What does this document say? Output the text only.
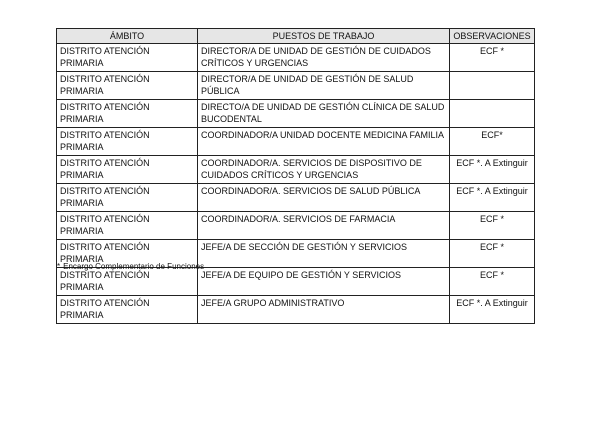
ÁMBITO	PUESTOS DE TRABAJO	OBSERVACIONES
DISTRITO ATENCIÓN PRIMARIA	DIRECTOR/A DE UNIDAD DE GESTIÓN DE CUIDADOS CRÍTICOS Y URGENCIAS	ECF *
DISTRITO ATENCIÓN PRIMARIA	DIRECTOR/A DE UNIDAD DE GESTIÓN DE SALUD PÚBLICA	
DISTRITO ATENCIÓN PRIMARIA	DIRECTO/A DE UNIDAD DE GESTIÓN CLÍNICA DE SALUD BUCODENTAL	
DISTRITO ATENCIÓN PRIMARIA	COORDINADOR/A UNIDAD DOCENTE MEDICINA FAMILIA	ECF*
DISTRITO ATENCIÓN PRIMARIA	COORDINADOR/A. SERVICIOS DE DISPOSITIVO DE CUIDADOS CRÍTICOS Y URGENCIAS	ECF *. A Extinguir
DISTRITO ATENCIÓN PRIMARIA	COORDINADOR/A. SERVICIOS DE SALUD PÚBLICA	ECF *. A Extinguir
DISTRITO ATENCIÓN PRIMARIA	COORDINADOR/A. SERVICIOS DE FARMACIA	ECF *
DISTRITO ATENCIÓN PRIMARIA	JEFE/A DE SECCIÓN DE GESTIÓN Y SERVICIOS	ECF *
DISTRITO ATENCIÓN PRIMARIA	JEFE/A DE EQUIPO DE GESTIÓN Y SERVICIOS	ECF *
DISTRITO ATENCIÓN PRIMARIA	JEFE/A GRUPO ADMINISTRATIVO	ECF *. A Extinguir
* Encargo Complementario de Funciones
